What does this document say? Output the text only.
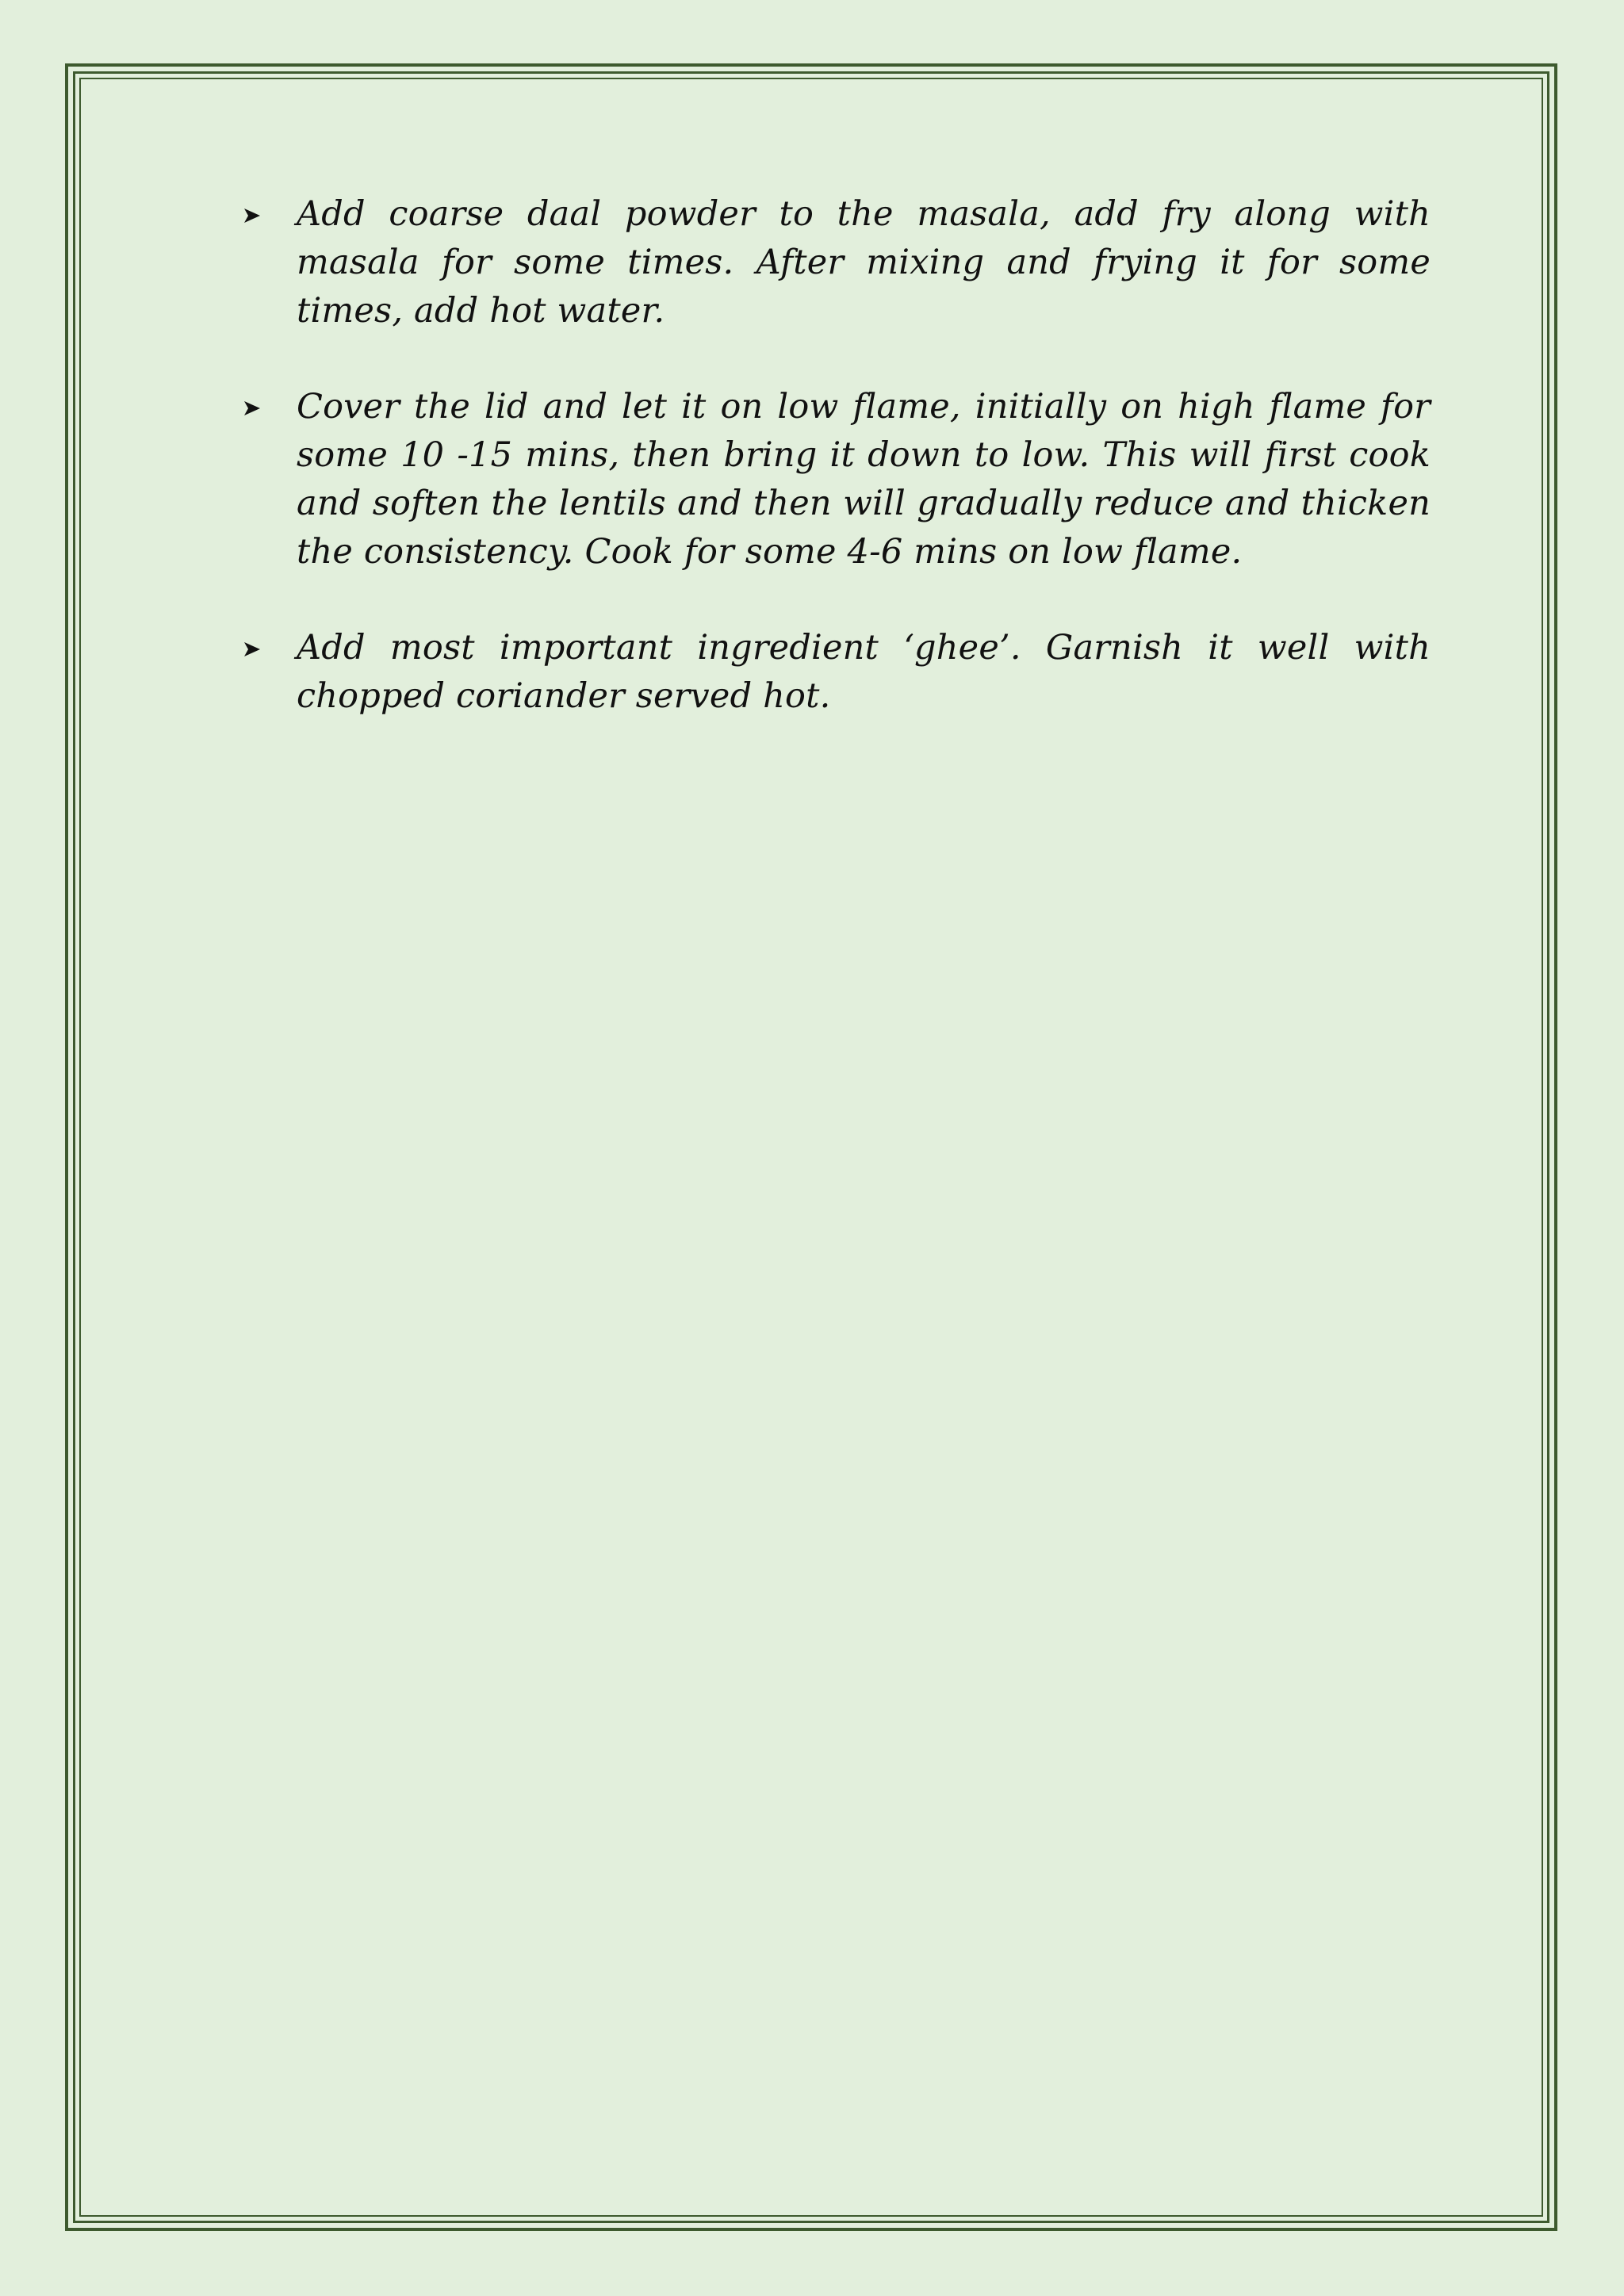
Add coarse daal powder to the masala, add fry along with masala for some times. After mixing and frying it for some times, add hot water.

Cover the lid and let it on low flame, initially on high flame for some 10 -15 mins, then bring it down to low. This will first cook and soften the lentils and then will gradually reduce and thicken the consistency. Cook for some 4-6 mins on low flame.

Add most important ingredient ‘ghee’. Garnish it well with chopped coriander served hot.
